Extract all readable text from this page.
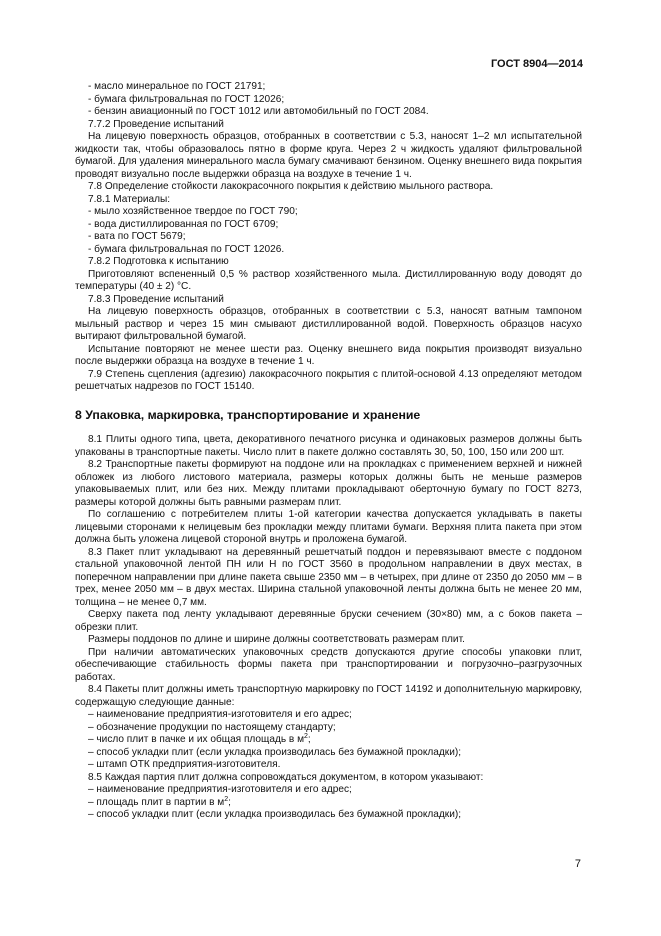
ГОСТ 8904—2014

- масло минеральное по ГОСТ 21791;

- бумага фильтровальная по ГОСТ 12026;

- бензин авиационный по ГОСТ 1012 или автомобильный по ГОСТ 2084.

7.7.2 Проведение испытаний

На лицевую поверхность образцов, отобранных в соответствии с 5.3, наносят 1–2 мл испытательной жидкости так, чтобы образовалось пятно в форме круга. Через 2 ч жидкость удаляют фильтровальной бумагой. Для удаления минерального масла бумагу смачивают бензином. Оценку внешнего вида покрытия проводят визуально после выдержки образца на воздухе в течение 1 ч.

7.8 Определение стойкости лакокрасочного покрытия к действию мыльного раствора.

7.8.1 Материалы:

- мыло хозяйственное твердое по ГОСТ 790;

- вода дистиллированная по ГОСТ 6709;

- вата по ГОСТ 5679;

- бумага фильтровальная по ГОСТ 12026.

7.8.2 Подготовка к испытанию

Приготовляют вспененный 0,5 % раствор хозяйственного мыла. Дистиллированную воду доводят до температуры (40 ± 2) °С.

7.8.3 Проведение испытаний

На лицевую поверхность образцов, отобранных в соответствии с 5.3, наносят ватным тампоном мыльный раствор и через 15 мин смывают дистиллированной водой. Поверхность образцов насухо вытирают фильтровальной бумагой.

Испытание повторяют не менее шести раз. Оценку внешнего вида покрытия производят визуально после выдержки образца на воздухе в течение 1 ч.

7.9 Степень сцепления (адгезию) лакокрасочного покрытия с плитой-основой 4.13 определяют методом решетчатых надрезов по ГОСТ 15140.

8 Упаковка, маркировка, транспортирование и хранение

8.1 Плиты одного типа, цвета, декоративного печатного рисунка и одинаковых размеров должны быть упакованы в транспортные пакеты. Число плит в пакете должно составлять 30, 50, 100, 150 или 200 шт.

8.2 Транспортные пакеты формируют на поддоне или на прокладках с применением верхней и нижней обложек из любого листового материала, размеры которых должны быть не меньше размеров упаковываемых плит, или без них. Между плитами прокладывают оберточную бумагу по ГОСТ 8273, размеры которой должны быть равными размерам плит.

По соглашению с потребителем плиты 1-ой категории качества допускается укладывать в пакеты лицевыми сторонами к нелицевым без прокладки между плитами бумаги. Верхняя плита пакета при этом должна быть уложена лицевой стороной внутрь и проложена бумагой.

8.3 Пакет плит укладывают на деревянный решетчатый поддон и перевязывают вместе с поддоном стальной упаковочной лентой ПН или Н по ГОСТ 3560 в продольном направлении в двух местах, в поперечном направлении при длине пакета свыше 2350 мм – в четырех, при длине от 2350 до 2050 мм – в трех, менее 2050 мм – в двух местах. Ширина стальной упаковочной ленты должна быть не менее 20 мм, толщина – не менее 0,7 мм.

Сверху пакета под ленту укладывают деревянные бруски сечением (30×80) мм, а с боков пакета – обрезки плит.

Размеры поддонов по длине и ширине должны соответствовать размерам плит.

При наличии автоматических упаковочных средств допускаются другие способы упаковки плит, обеспечивающие стабильность формы пакета при транспортировании и погрузочно–разгрузочных работах.

8.4 Пакеты плит должны иметь транспортную маркировку по ГОСТ 14192 и дополнительную маркировку, содержащую следующие данные:

– наименование предприятия-изготовителя и его адрес;

– обозначение продукции по настоящему стандарту;

– число плит в пачке и их общая площадь в $м^2$;

– способ укладки плит (если укладка производилась без бумажной прокладки);

– штамп ОТК предприятия-изготовителя.

8.5 Каждая партия плит должна сопровождаться документом, в котором указывают:

– наименование предприятия-изготовителя и его адрес;

– площадь плит в партии в $м^2$;

– способ укладки плит (если укладка производилась без бумажной прокладки);

7
